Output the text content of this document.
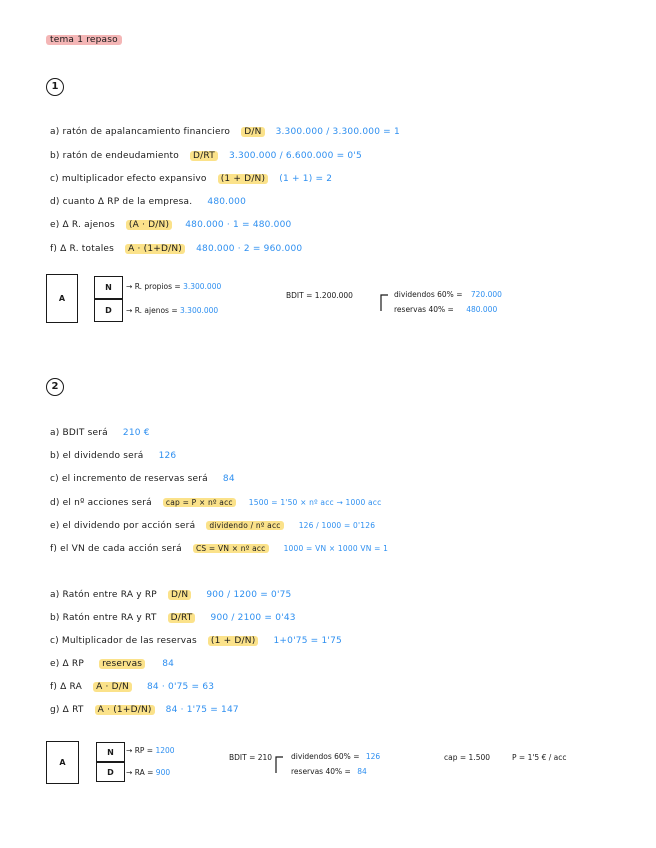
tema 1 repaso
1
a) ratón de apalancamiento financiero D/N 3.300.000 / 3.300.000 = 1
b) ratón de endeudamiento D/RT 3.300.000 / 6.600.000 = 0'5
c) multiplicador efecto expansivo (1 + D/N) (1 + 1) = 2
d) cuanto Δ RP de la empresa. 480.000
e) Δ R. ajenos (A · D/N) 480.000 · 1 = 480.000
f) Δ R. totales A · (1+D/N) 480.000 · 2 = 960.000
A
N
D
→ R. propios = 3.300.000
→ R. ajenos = 3.300.000
BDIT = 1.200.000	dividendos 60% = 720.000
reservas 40% = 480.000
2
a) BDIT será 210 €
b) el dividendo será 126
c) el incremento de reservas será 84
d) el nº acciones será cap = P × nº acc 1500 = 1'50 × nº acc → 1000 acc
e) el dividendo por acción será dividendo / nº acc 126 / 1000 = 0'126
f) el VN de cada acción será CS = VN × nº acc 1000 = VN × 1000 VN = 1
a) Ratón entre RA y RP D/N 900 / 1200 = 0'75
b) Ratón entre RA y RT D/RT 900 / 2100 = 0'43
c) Multiplicador de las reservas (1 + D/N) 1+0'75 = 1'75
e) Δ RP reservas 84
f) Δ RA A · D/N 84 · 0'75 = 63
g) Δ RT A · (1+D/N) 84 · 1'75 = 147
A
N
D
→ RP = 1200
→ RA = 900
BDIT = 210	dividendos 60% = 126
reservas 40% = 84
cap = 1.500	P = 1'5 € / acc
